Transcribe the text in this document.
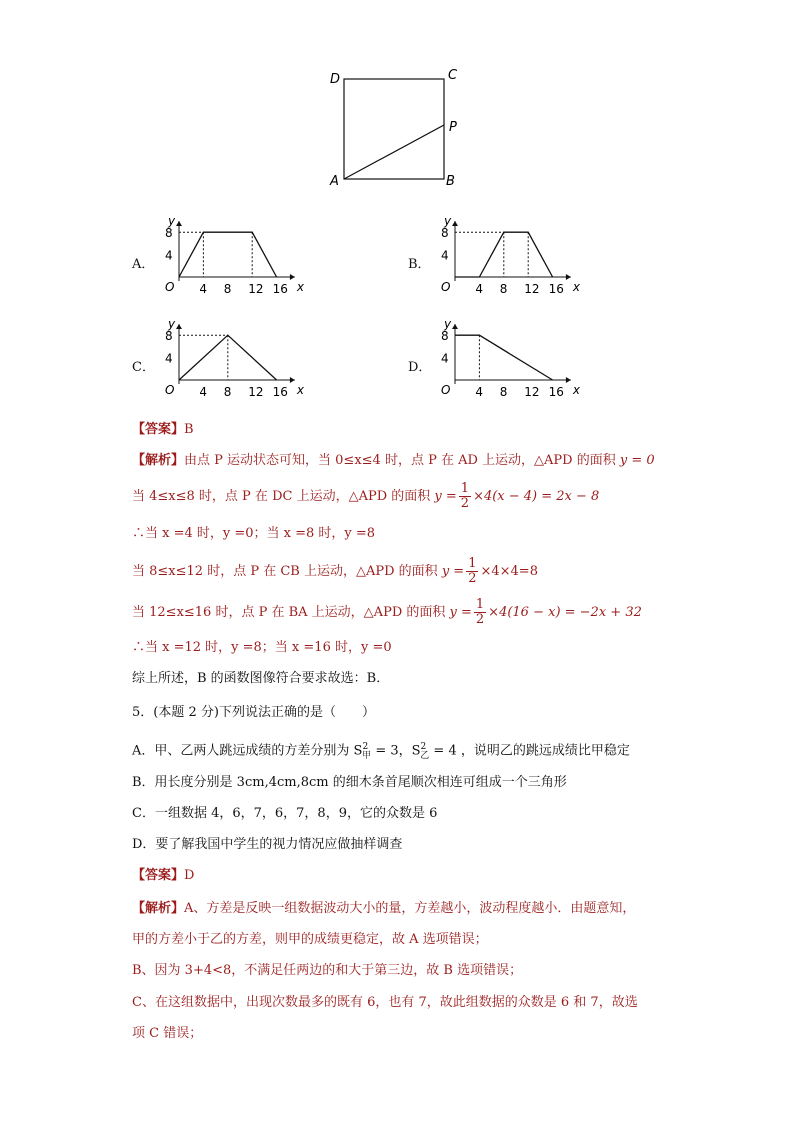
D	C
P
A	B
A．
4 8 12 16
8
4
O	x
y
B．
4 8 12 16
8
4
O	x
y
C．
4 8 12 16
8
4
O	x
y
D．
4 8 12 16
8
4
O	x
y
【答案】B
【解析】由点 P 运动状态可知，当 0≤x≤4 时，点 P 在 AD 上运动，△APD 的面积 y = 0
当 4≤x≤8 时，点 P 在 DC 上运动，△APD 的面积 $y = \frac{1}{2} \times 4(x - 4) = 2x - 8$
∴当 x =4 时，y =0；当 x =8 时，y =8
当 8≤x≤12 时，点 P 在 CB 上运动，△APD 的面积 $y = \frac{1}{2} \times 4\times 4=8$
当 12≤x≤16 时，点 P 在 BA 上运动，△APD 的面积 $y = \frac{1}{2} \times 4(16 - x) = -2x + 32$
∴当 x =12 时，y =8；当 x =16 时，y =0
综上所述，B 的函数图像符合要求故选：B．
5．(本题 2 分)下列说法正确的是（　　）
A．甲、乙两人跳远成绩的方差分别为 $S^2_甲 = 3$，$S^2_乙 = 4$ ，说明乙的跳远成绩比甲稳定
B．用长度分别是 3cm,4cm,8cm 的细木条首尾顺次相连可组成一个三角形
C．一组数据 4，6，7，6，7，8，9，它的众数是 6
D．要了解我国中学生的视力情况应做抽样调查
【答案】D
【解析】A、方差是反映一组数据波动大小的量，方差越小，波动程度越小．由题意知，
甲的方差小于乙的方差，则甲的成绩更稳定，故 A 选项错误；
B、因为 3+4<8，不满足任两边的和大于第三边，故 B 选项错误；
C、在这组数据中，出现次数最多的既有 6，也有 7，故此组数据的众数是 6 和 7，故选
项 C 错误；
